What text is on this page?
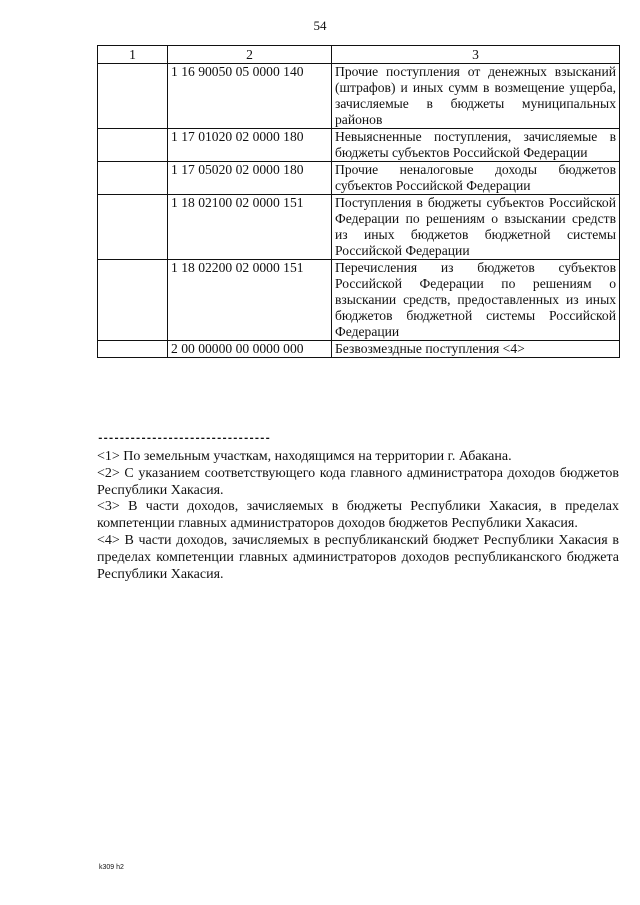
54
1	2	3
	1 16 90050 05 0000 140	Прочие поступления от денежных взысканий (штрафов) и иных сумм в возмещение ущерба, зачисляемые в бюджеты муниципальных районов
	1 17 01020 02 0000 180	Невыясненные поступления, зачисляемые в бюджеты субъектов Российской Федерации
	1 17 05020 02 0000 180	Прочие неналоговые доходы бюджетов субъектов Российской Федерации
	1 18 02100 02 0000 151	Поступления в бюджеты субъектов Российской Федерации по решениям о взыскании средств из иных бюджетов бюджетной системы Российской Федерации
	1 18 02200 02 0000 151	Перечисления из бюджетов субъектов Российской Федерации по решениям о взыскании средств, предоставленных из иных бюджетов бюджетной системы Российской Федерации
	2 00 00000 00 0000 000	Безвозмездные поступления <4>
--------------------------------

<1> По земельным участкам, находящимся на территории г. Абакана.

<2> С указанием соответствующего кода главного администратора доходов бюджетов Республики Хакасия.

<3> В части доходов, зачисляемых в бюджеты Республики Хакасия, в пределах компетенции главных администраторов доходов бюджетов Республики Хакасия.

<4> В части доходов, зачисляемых в республиканский бюджет Республики Хакасия в пределах компетенции главных администраторов доходов республиканского бюджета Республики Хакасия.

k309 h2
